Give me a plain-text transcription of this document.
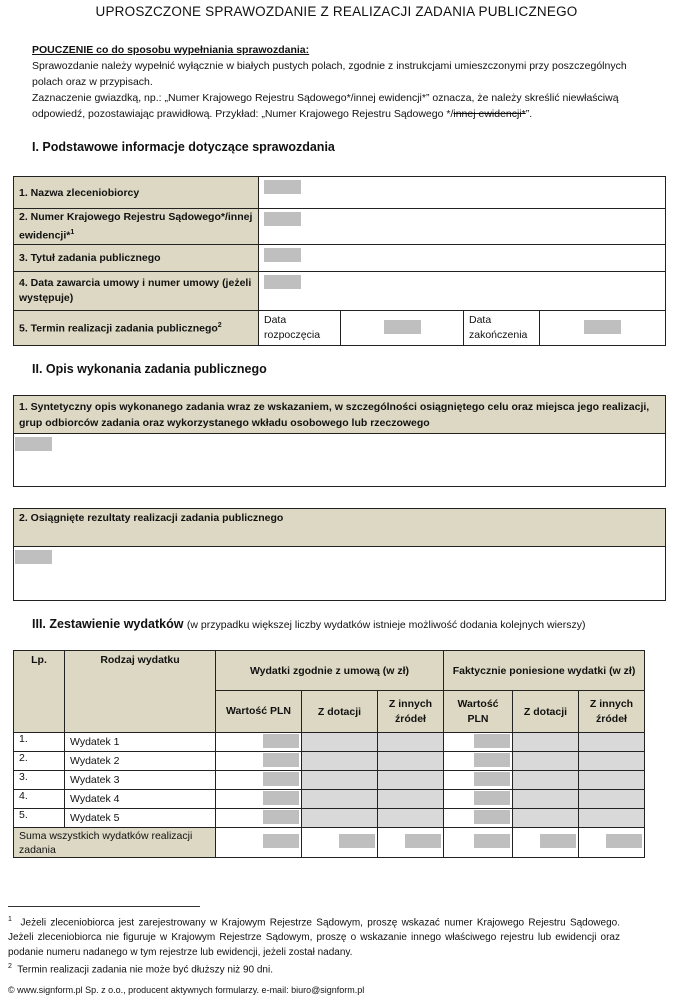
UPROSZCZONE SPRAWOZDANIE Z REALIZACJI ZADANIA PUBLICZNEGO
POUCZENIE co do sposobu wypełniania sprawozdania:
Sprawozdanie należy wypełnić wyłącznie w białych pustych polach, zgodnie z instrukcjami umieszczonymi przy poszczególnych polach oraz w przypisach.
Zaznaczenie gwiazdką, np.: „Numer Krajowego Rejestru Sądowego*/innej ewidencji*” oznacza, że należy skreślić niewłaściwą odpowiedź, pozostawiając prawidłową. Przykład: „Numer Krajowego Rejestru Sądowego */innej ewidencji*”.
I. Podstawowe informacje dotyczące sprawozdania
1. Nazwa zleceniobiorcy				
2. Numer Krajowego Rejestru Sądowego*/innej ewidencji*$^1$	
3. Tytuł zadania publicznego				
4. Data zawarcia umowy i numer umowy (jeżeli występuje)				
5. Termin realizacji zadania publicznego$^2$	Data rozpoczęcia		Data zakończenia	
II. Opis wykonania zadania publicznego
1. Syntetyczny opis wykonanego zadania wraz ze wskazaniem, w szczególności osiągniętego celu oraz miejsca jego realizacji, grup odbiorców zadania oraz wykorzystanego wkładu osobowego lub rzeczowego

2. Osiągnięte rezultaty realizacji zadania publicznego

III. Zestawienie wydatków (w przypadku większej liczby wydatków istnieje możliwość dodania kolejnych wierszy)
Lp.	Rodzaj wydatku	Wydatki zgodnie z umową (w zł)			Faktycznie poniesione wydatki (w zł)		
		Wartość PLN	Z dotacji	Z innych źródeł	Wartość PLN	Z dotacji	Z innych źródeł
1.	Wydatek 1						
2.	Wydatek 2						
3.	Wydatek 3						
4.	Wydatek 4						
5.	Wydatek 5						
Suma wszystkich wydatków realizacji zadania							
$^1$ Jeżeli zleceniobiorca jest zarejestrowany w Krajowym Rejestrze Sądowym, proszę wskazać numer Krajowego Rejestru Sądowego. Jeżeli zleceniobiorca nie figuruje w Krajowym Rejestrze Sądowym, proszę o wskazanie innego właściwego rejestru lub ewidencji oraz podanie numeru nadanego w tym rejestrze lub ewidencji, jeżeli został nadany.
$^2$ Termin realizacji zadania nie może być dłuższy niż 90 dni.
© www.signform.pl Sp. z o.o., producent aktywnych formularzy. e-mail: biuro@signform.pl
